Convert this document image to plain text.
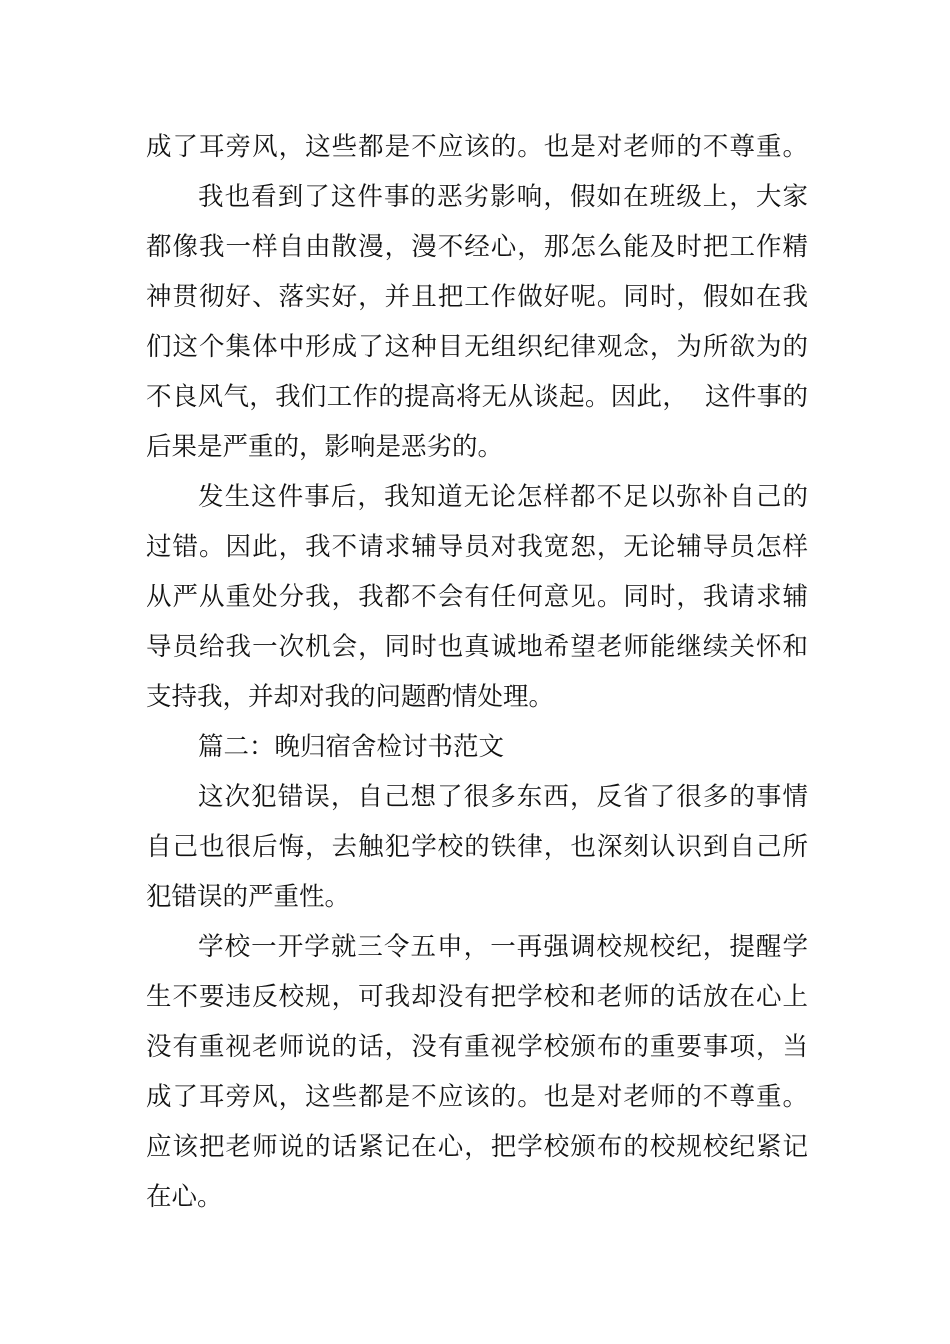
成了耳旁风，这些都是不应该的。也是对老师的不尊重。
我也看到了这件事的恶劣影响，假如在班级上，大家
都像我一样自由散漫，漫不经心，那怎么能及时把工作精
神贯彻好、落实好，并且把工作做好呢。同时，假如在我
们这个集体中形成了这种目无组织纪律观念，为所欲为的
不良风气，我们工作的提高将无从谈起。因此，  这件事的
后果是严重的，影响是恶劣的。
发生这件事后，我知道无论怎样都不足以弥补自己的
过错。因此，我不请求辅导员对我宽恕，无论辅导员怎样
从严从重处分我，我都不会有任何意见。同时，我请求辅
导员给我一次机会，同时也真诚地希望老师能继续关怀和
支持我，并却对我的问题酌情处理。
篇二：晚归宿舍检讨书范文
这次犯错误，自己想了很多东西，反省了很多的事情
自己也很后悔，去触犯学校的铁律，也深刻认识到自己所
犯错误的严重性。
学校一开学就三令五申，一再强调校规校纪，提醒学
生不要违反校规，可我却没有把学校和老师的话放在心上
没有重视老师说的话，没有重视学校颁布的重要事项，当
成了耳旁风，这些都是不应该的。也是对老师的不尊重。
应该把老师说的话紧记在心，把学校颁布的校规校纪紧记
在心。
